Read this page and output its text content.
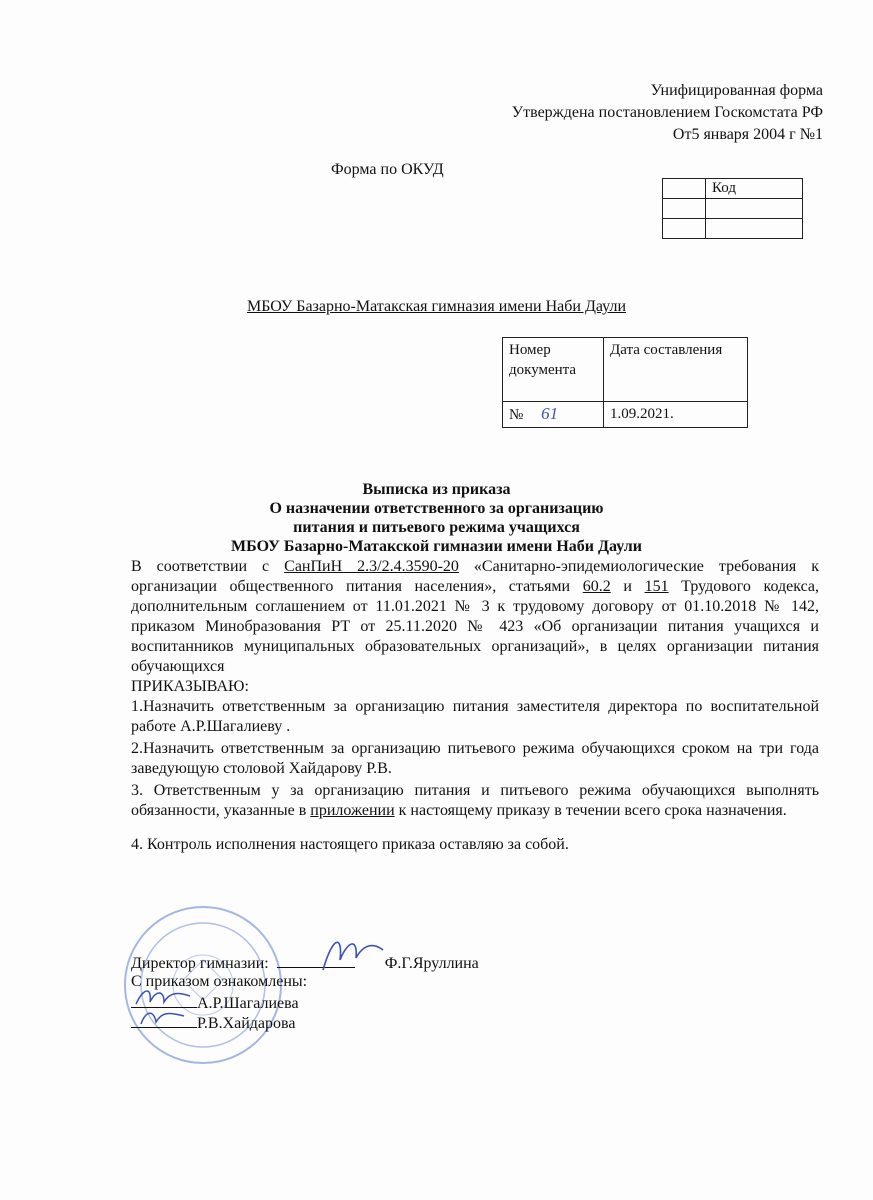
Унифицированная форма
Утверждена постановлением Госкомстата РФ
От5 января 2004 г №1
Форма по ОКУД
	Код

МБОУ Базарно-Матакская гимназия имени Наби Даули
Номер документа	Дата составления
№ 61	1.09.2021.
Выписка из приказа
О назначении ответственного за организацию
питания и питьевого режима учащихся
МБОУ Базарно-Матакской гимназии имени Наби Даули
В соответствии с СанПиН 2.3/2.4.3590-20 «Санитарно-эпидемиологические требования к организации общественного питания населения», статьями 60.2 и 151 Трудового кодекса, дополнительным соглашением от 11.01.2021 № 3 к трудовому договору от 01.10.2018 № 142, приказом Минобразования РТ от 25.11.2020 № 423 «Об организации питания учащихся и воспитанников муниципальных образовательных организаций», в целях организации питания обучающихся
ПРИКАЗЫВАЮ:
1.Назначить ответственным за организацию питания заместителя директора по воспитательной работе А.Р.Шагалиеву .
2.Назначить ответственным за организацию питьевого режима обучающихся сроком на три года заведующую столовой Хайдарову Р.В.
3. Ответственным у за организацию питания и питьевого режима обучающихся выполнять обязанности, указанные в приложении к настоящему приказу в течении всего срока назначения.
4. Контроль исполнения настоящего приказа оставляю за собой.
Директор гимназии:	Ф.Г.Яруллина
С приказом ознакомлены:
А.Р.Шагалиева
Р.В.Хайдарова
